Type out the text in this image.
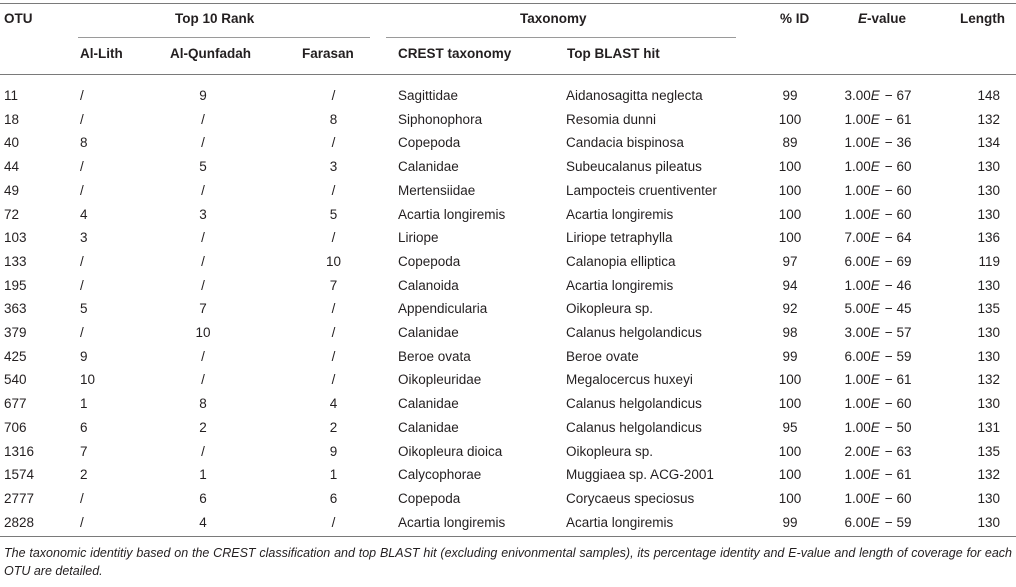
OTU	Top 10 Rank	Taxonomy	% ID	E-value	Length
Al-Lith	Al-Qunfadah	Farasan	CREST taxonomy	Top BLAST hit
11	/	9	/	Sagittidae	Aidanosagitta neglecta	99	3.00E − 67	148
18	/	/	8	Siphonophora	Resomia dunni	100	1.00E − 61	132
40	8	/	/	Copepoda	Candacia bispinosa	89	1.00E − 36	134
44	/	5	3	Calanidae	Subeucalanus pileatus	100	1.00E − 60	130
49	/	/	/	Mertensiidae	Lampocteis cruentiventer	100	1.00E − 60	130
72	4	3	5	Acartia longiremis	Acartia longiremis	100	1.00E − 60	130
103	3	/	/	Liriope	Liriope tetraphylla	100	7.00E − 64	136
133	/	/	10	Copepoda	Calanopia elliptica	97	6.00E − 69	119
195	/	/	7	Calanoida	Acartia longiremis	94	1.00E − 46	130
363	5	7	/	Appendicularia	Oikopleura sp.	92	5.00E − 45	135
379	/	10	/	Calanidae	Calanus helgolandicus	98	3.00E − 57	130
425	9	/	/	Beroe ovata	Beroe ovate	99	6.00E − 59	130
540	10	/	/	Oikopleuridae	Megalocercus huxeyi	100	1.00E − 61	132
677	1	8	4	Calanidae	Calanus helgolandicus	100	1.00E − 60	130
706	6	2	2	Calanidae	Calanus helgolandicus	95	1.00E − 50	131
1316	7	/	9	Oikopleura dioica	Oikopleura sp.	100	2.00E − 63	135
1574	2	1	1	Calycophorae	Muggiaea sp. ACG-2001	100	1.00E − 61	132
2777	/	6	6	Copepoda	Corycaeus speciosus	100	1.00E − 60	130
2828	/	4	/	Acartia longiremis	Acartia longiremis	99	6.00E − 59	130
The taxonomic identitiy based on the CREST classification and top BLAST hit (excluding enivonmental samples), its percentage identity and E-value and length of coverage for each OTU are detailed.
